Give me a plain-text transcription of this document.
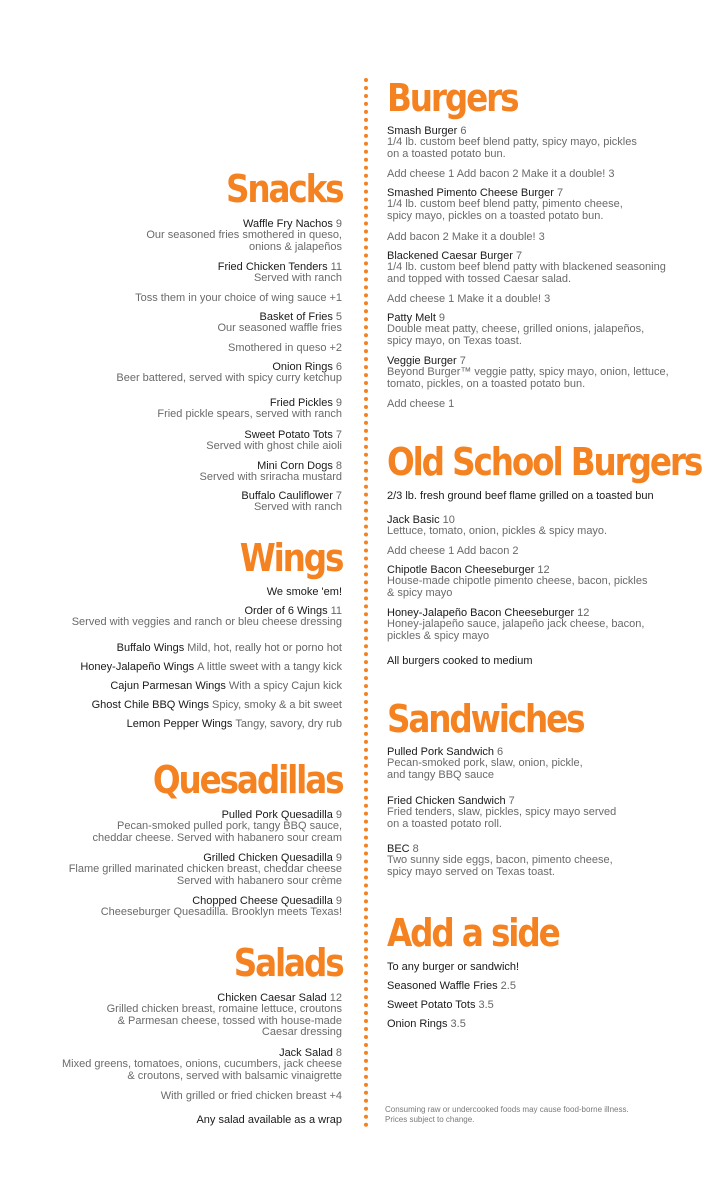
Snacks
Waffle Fry Nachos 9
Our seasoned fries smothered in queso,
onions & jalapeños
Fried Chicken Tenders 11
Served with ranch
Toss them in your choice of wing sauce +1
Basket of Fries 5
Our seasoned waffle fries
Smothered in queso +2
Onion Rings 6
Beer battered, served with spicy curry ketchup
Fried Pickles 9
Fried pickle spears, served with ranch
Sweet Potato Tots 7
Served with ghost chile aioli
Mini Corn Dogs 8
Served with sriracha mustard
Buffalo Cauliflower 7
Served with ranch
Wings
We smoke 'em!
Order of 6 Wings 11
Served with veggies and ranch or bleu cheese dressing
Buffalo Wings Mild, hot, really hot or porno hot
Honey-Jalapeño Wings A little sweet with a tangy kick
Cajun Parmesan Wings With a spicy Cajun kick
Ghost Chile BBQ Wings Spicy, smoky & a bit sweet
Lemon Pepper Wings Tangy, savory, dry rub
Quesadillas
Pulled Pork Quesadilla 9
Pecan-smoked pulled pork, tangy BBQ sauce,
cheddar cheese. Served with habanero sour cream
Grilled Chicken Quesadilla 9
Flame grilled marinated chicken breast, cheddar cheese
Served with habanero sour crème
Chopped Cheese Quesadilla 9
Cheeseburger Quesadilla. Brooklyn meets Texas!
Salads
Chicken Caesar Salad 12
Grilled chicken breast, romaine lettuce, croutons
& Parmesan cheese, tossed with house-made
Caesar dressing
Jack Salad 8
Mixed greens, tomatoes, onions, cucumbers, jack cheese
& croutons, served with balsamic vinaigrette
With grilled or fried chicken breast +4
Any salad available as a wrap
Burgers
Smash Burger 6
1/4 lb. custom beef blend patty, spicy mayo, pickles
on a toasted potato bun.
Add cheese 1 Add bacon 2 Make it a double! 3
Smashed Pimento Cheese Burger 7
1/4 lb. custom beef blend patty, pimento cheese,
spicy mayo, pickles on a toasted potato bun.
Add bacon 2 Make it a double! 3
Blackened Caesar Burger 7
1/4 lb. custom beef blend patty with blackened seasoning
and topped with tossed Caesar salad.
Add cheese 1 Make it a double! 3
Patty Melt 9
Double meat patty, cheese, grilled onions, jalapeños,
spicy mayo, on Texas toast.
Veggie Burger 7
Beyond Burger™ veggie patty, spicy mayo, onion, lettuce,
tomato, pickles, on a toasted potato bun.
Add cheese 1
Old School Burgers
2/3 lb. fresh ground beef flame grilled on a toasted bun
Jack Basic 10
Lettuce, tomato, onion, pickles & spicy mayo.
Add cheese 1 Add bacon 2
Chipotle Bacon Cheeseburger 12
House-made chipotle pimento cheese, bacon, pickles
& spicy mayo
Honey-Jalapeño Bacon Cheeseburger 12
Honey-jalapeño sauce, jalapeño jack cheese, bacon,
pickles & spicy mayo
All burgers cooked to medium
Sandwiches
Pulled Pork Sandwich 6
Pecan-smoked pork, slaw, onion, pickle,
and tangy BBQ sauce
Fried Chicken Sandwich 7
Fried tenders, slaw, pickles, spicy mayo served
on a toasted potato roll.
BEC 8
Two sunny side eggs, bacon, pimento cheese,
spicy mayo served on Texas toast.
Add a side
To any burger or sandwich!
Seasoned Waffle Fries 2.5
Sweet Potato Tots 3.5
Onion Rings 3.5
Consuming raw or undercooked foods may cause food-borne illness.
Prices subject to change.
